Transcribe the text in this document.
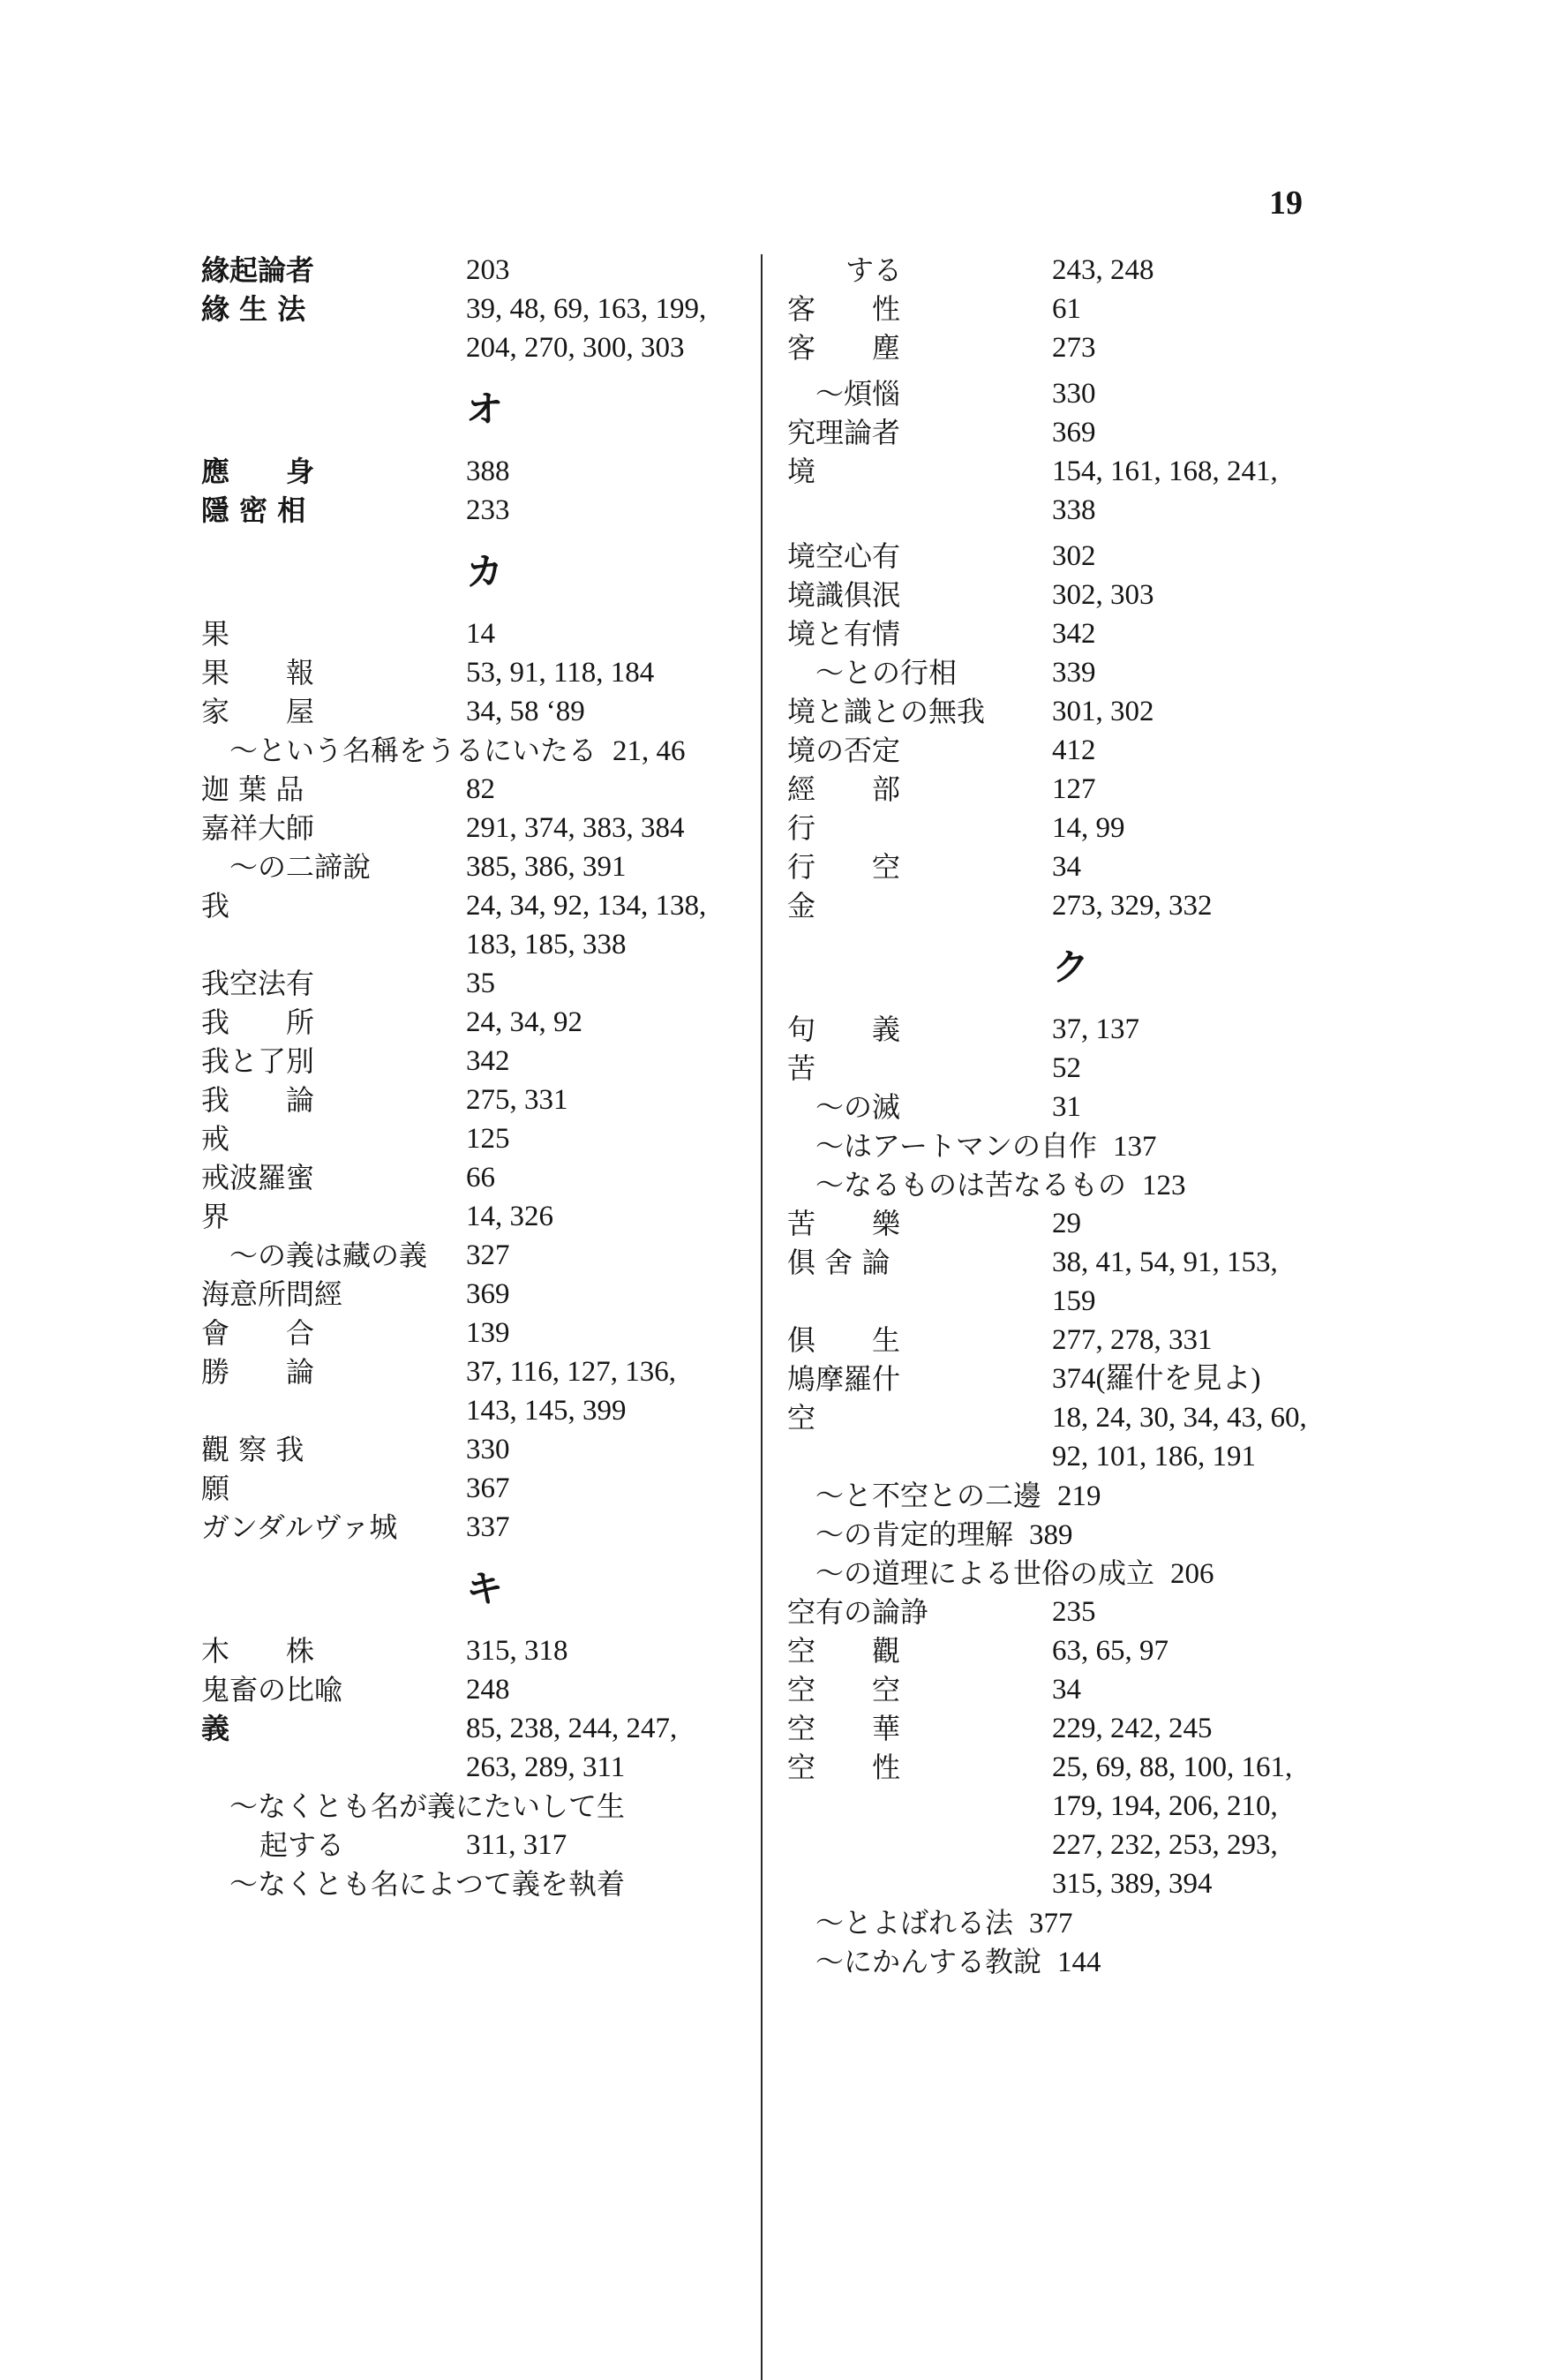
19
緣起論者	203
緣 生 法	39, 48, 69, 163, 199,
204, 270, 300, 303
オ
應　　身	388
隱 密 相	233
カ
果	14
果　　報	53, 91, 118, 184
家　　屋	34, 58 ‘89
〜という名稱をうるにいたる 21, 46
迦 葉 品	82
嘉祥大師	291, 374, 383, 384
〜の二諦說	385, 386, 391
我	24, 34, 92, 134, 138,
183, 185, 338
我空法有	35
我　　所	24, 34, 92
我と了別	342
我　　論	275, 331
戒	125
戒波羅蜜	66
界	14, 326
〜の義は藏の義 327
海意所問經	369
會　　合	139
勝　　論	37, 116, 127, 136,
143, 145, 399
觀 察 我	330
願	367
ガンダルヴァ城 337
キ
木　　株	315, 318
鬼畜の比喩	248
義	85, 238, 244, 247,
263, 289, 311
〜なくとも名が義にたいして生
起する	311, 317
〜なくとも名によつて義を執着
する	243, 248
客　　性	61
客　　塵	273
〜煩惱	330
究理論者	369
境	154, 161, 168, 241,
338
境空心有	302
境識俱泯	302, 303
境と有情	342
〜との行相	339
境と識との無我 301, 302
境の否定	412
經　　部	127
行	14, 99
行　　空	34
金	273, 329, 332
ク
句　　義	37, 137
苦	52
〜の滅	31
〜はアートマンの自作 137
〜なるものは苦なるもの 123
苦　　樂	29
俱 舍 論	38, 41, 54, 91, 153,
159
俱　　生	277, 278, 331
鳩摩羅什	374(羅什を見よ)
空	18, 24, 30, 34, 43, 60,
92, 101, 186, 191
〜と不空との二邊 219
〜の肯定的理解 389
〜の道理による世俗の成立 206
空有の論諍	235
空　　觀	63, 65, 97
空　　空	34
空　　華	229, 242, 245
空　　性	25, 69, 88, 100, 161,
179, 194, 206, 210,
227, 232, 253, 293,
315, 389, 394
〜とよばれる法 377
〜にかんする教說 144
